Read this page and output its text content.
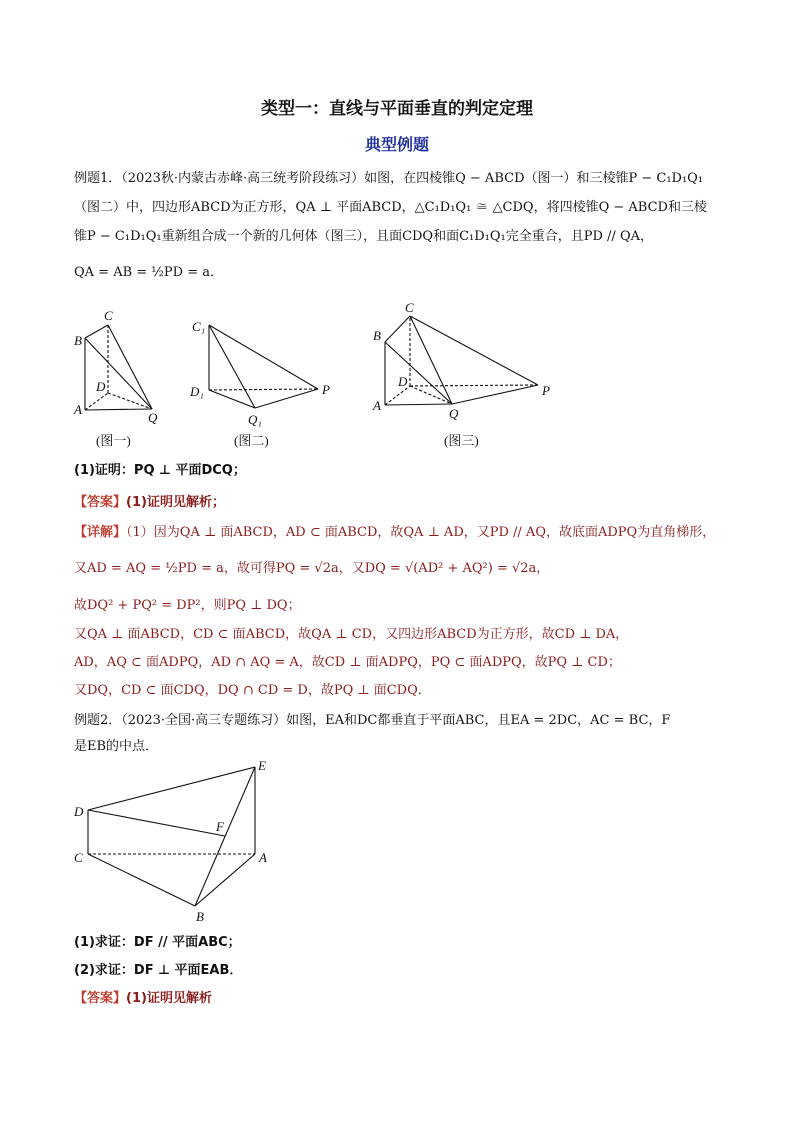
类型一：直线与平面垂直的判定定理
典型例题
例题1．（2023秋·内蒙古赤峰·高三统考阶段练习）如图，在四棱锥Q − ABCD（图一）和三棱锥P − C₁D₁Q₁
（图二）中，四边形ABCD为正方形，QA ⊥ 平面ABCD，△C₁D₁Q₁ ≅ △CDQ，将四棱锥Q − ABCD和三棱
锥P − C₁D₁Q₁重新组合成一个新的几何体（图三），且面CDQ和面C₁D₁Q₁完全重合，且PD // QA，
QA = AB = ½PD = a．
C
B
D
A
Q
C₁
D₁
Q₁
P
C
B
D
A
Q
P
(图一)	(图二)	(图三)
(1)证明：PQ ⊥ 平面DCQ；
【答案】(1)证明见解析；
【详解】（1）因为QA ⊥ 面ABCD，AD ⊂ 面ABCD，故QA ⊥ AD，又PD // AQ，故底面ADPQ为直角梯形，
又AD = AQ = ½PD = a，故可得PQ = √2a，又DQ = √(AD² + AQ²) = √2a，
故DQ² + PQ² = DP²，则PQ ⊥ DQ；
又QA ⊥ 面ABCD，CD ⊂ 面ABCD，故QA ⊥ CD，又四边形ABCD为正方形，故CD ⊥ DA，
AD，AQ ⊂ 面ADPQ，AD ∩ AQ = A，故CD ⊥ 面ADPQ，PQ ⊂ 面ADPQ，故PQ ⊥ CD；
又DQ，CD ⊂ 面CDQ，DQ ∩ CD = D，故PQ ⊥ 面CDQ．
例题2．（2023·全国·高三专题练习）如图，EA和DC都垂直于平面ABC，且EA = 2DC，AC = BC，F
是EB的中点．
E
D
F
C	A
B
(1)求证：DF // 平面ABC；
(2)求证：DF ⊥ 平面EAB．
【答案】(1)证明见解析
